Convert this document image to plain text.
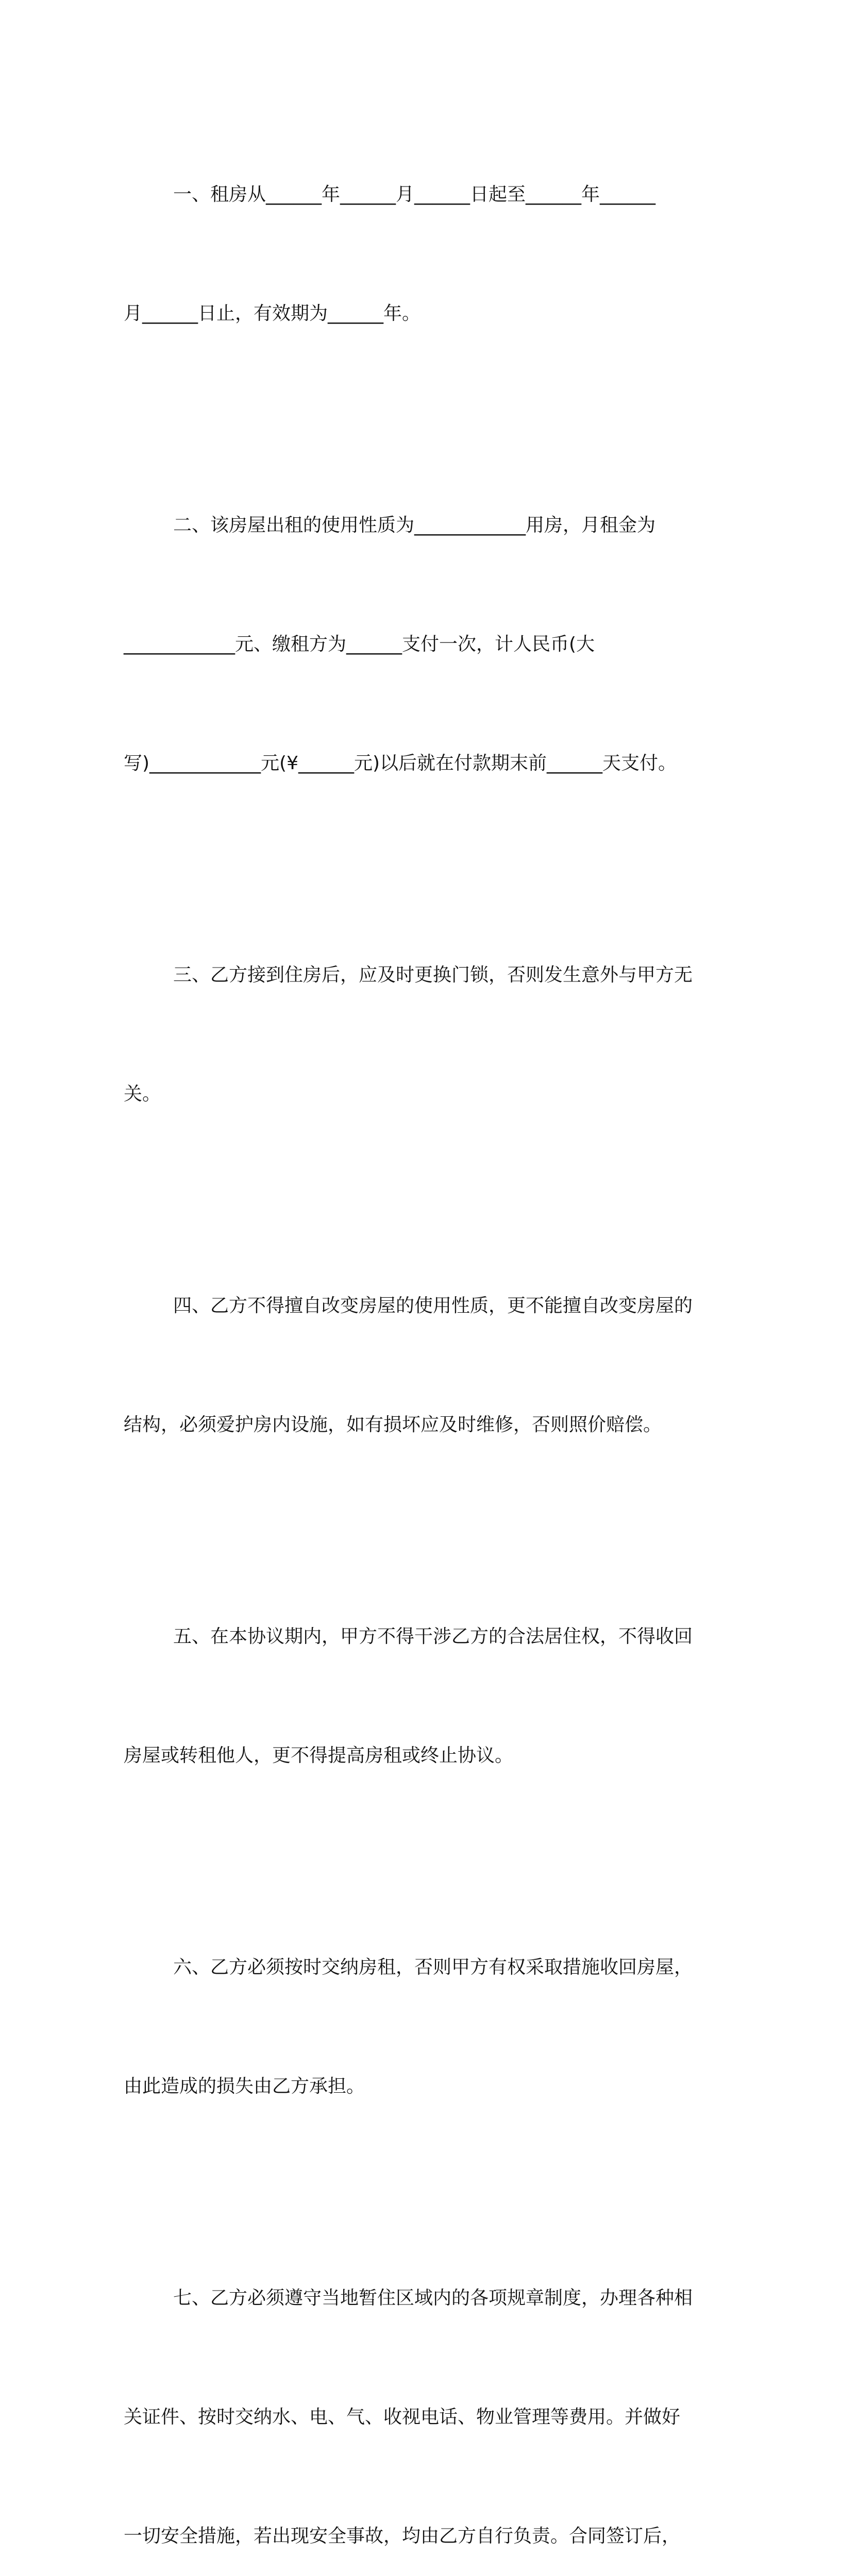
一、租房从______年______月______日起至______年______

月______日止，有效期为______年。

二、该房屋出租的使用性质为____________用房，月租金为

____________元、缴租方为______支付一次，计人民币(大

写)____________元(¥______元)以后就在付款期末前______天支付。

三、乙方接到住房后，应及时更换门锁，否则发生意外与甲方无

关。

四、乙方不得擅自改变房屋的使用性质，更不能擅自改变房屋的

结构，必须爱护房内设施，如有损坏应及时维修，否则照价赔偿。

五、在本协议期内，甲方不得干涉乙方的合法居住权，不得收回

房屋或转租他人，更不得提高房租或终止协议。

六、乙方必须按时交纳房租，否则甲方有权采取措施收回房屋，

由此造成的损失由乙方承担。

七、乙方必须遵守当地暂住区域内的各项规章制度，办理各种相

关证件、按时交纳水、电、气、收视电话、物业管理等费用。并做好

一切安全措施，若出现安全事故，均由乙方自行负责。合同签订后，
